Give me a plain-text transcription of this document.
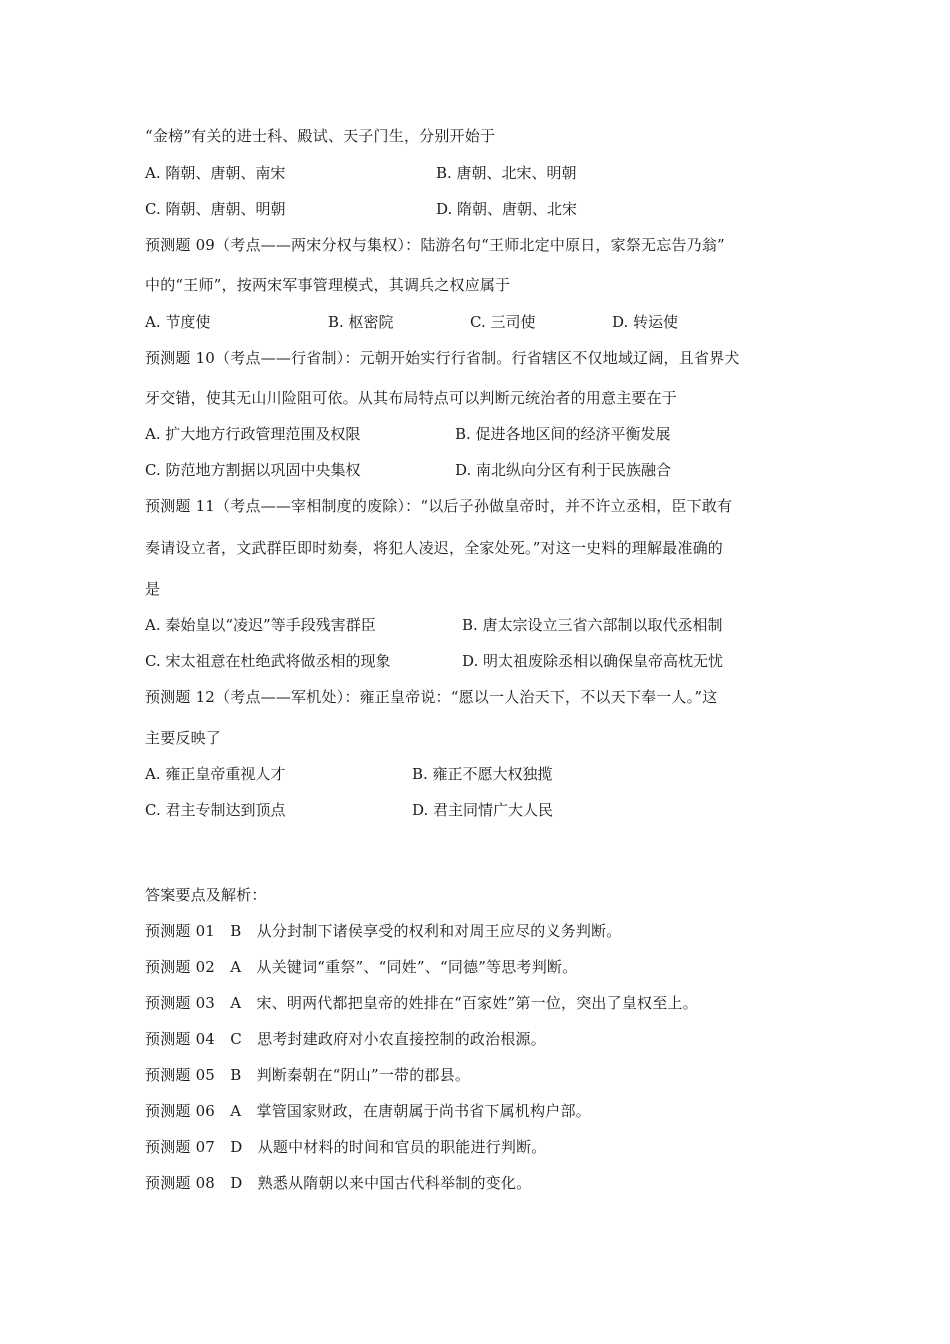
“金榜”有关的进士科、殿试、天子门生，分别开始于
A. 隋朝、唐朝、南宋	B. 唐朝、北宋、明朝
C. 隋朝、唐朝、明朝	D. 隋朝、唐朝、北宋
预测题 09（考点——两宋分权与集权）：陆游名句“王师北定中原日，家祭无忘告乃翁”
中的“王师”，按两宋军事管理模式，其调兵之权应属于
A. 节度使	B. 枢密院	C. 三司使	D. 转运使
预测题 10（考点——行省制）：元朝开始实行行省制。行省辖区不仅地域辽阔，且省界犬
牙交错，使其无山川险阻可依。从其布局特点可以判断元统治者的用意主要在于
A. 扩大地方行政管理范围及权限	B. 促进各地区间的经济平衡发展
C. 防范地方割据以巩固中央集权	D. 南北纵向分区有利于民族融合
预测题 11（考点——宰相制度的废除）：“以后子孙做皇帝时，并不许立丞相，臣下敢有
奏请设立者，文武群臣即时劾奏，将犯人凌迟，全家处死。”对这一史料的理解最准确的
是
A. 秦始皇以“凌迟”等手段残害群臣	B. 唐太宗设立三省六部制以取代丞相制
C. 宋太祖意在杜绝武将做丞相的现象	D. 明太祖废除丞相以确保皇帝高枕无忧
预测题 12（考点——军机处）：雍正皇帝说：“愿以一人治天下，不以天下奉一人。”这
主要反映了
A. 雍正皇帝重视人才	B. 雍正不愿大权独揽
C. 君主专制达到顶点	D. 君主同情广大人民
答案要点及解析：
预测题 01　B　从分封制下诸侯享受的权利和对周王应尽的义务判断。
预测题 02　A　从关键词“重祭”、“同姓”、“同德”等思考判断。
预测题 03　A　宋、明两代都把皇帝的姓排在“百家姓”第一位，突出了皇权至上。
预测题 04　C　思考封建政府对小农直接控制的政治根源。
预测题 05　B　判断秦朝在“阴山”一带的郡县。
预测题 06　A　掌管国家财政，在唐朝属于尚书省下属机构户部。
预测题 07　D　从题中材料的时间和官员的职能进行判断。
预测题 08　D　熟悉从隋朝以来中国古代科举制的变化。
